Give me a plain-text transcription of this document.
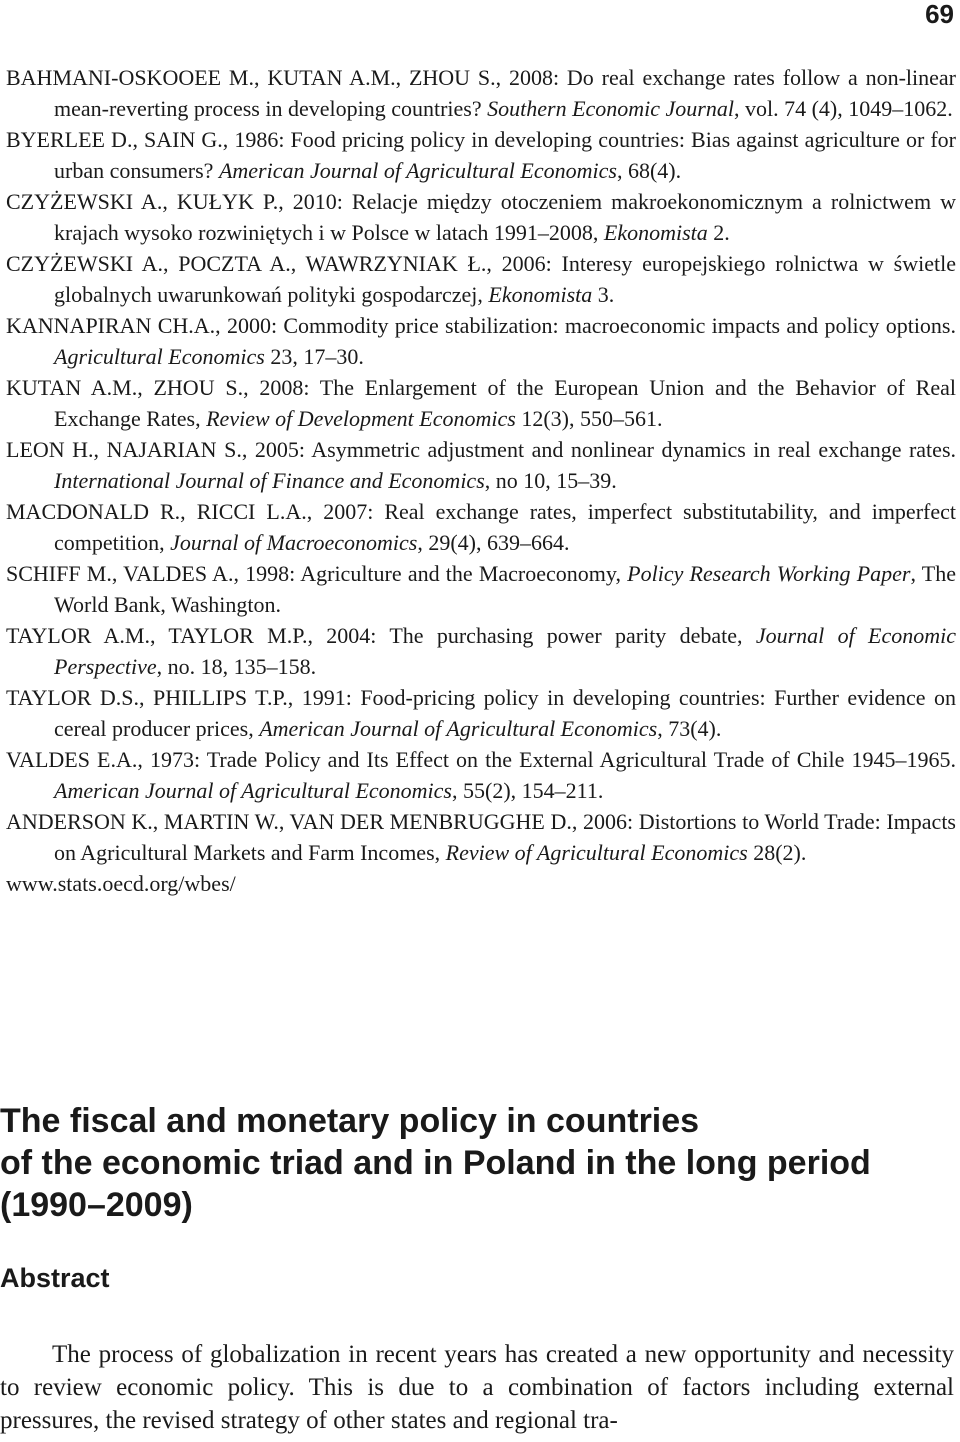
69

BAHMANI-OSKOOEE M., KUTAN A.M., ZHOU S., 2008: Do real exchange rates follow a non-linear mean-reverting process in developing countries? Southern Economic Journal, vol. 74 (4), 1049–1062.

BYERLEE D., SAIN G., 1986: Food pricing policy in developing countries: Bias against agriculture or for urban consumers? American Journal of Agricultural Economics, 68(4).

CZYŻEWSKI A., KUŁYK P., 2010: Relacje między otoczeniem makroekonomicznym a rolnictwem w krajach wysoko rozwiniętych i w Polsce w latach 1991–2008, Ekonomista 2.

CZYŻEWSKI A., POCZTA A., WAWRZYNIAK Ł., 2006: Interesy europejskiego rolnictwa w świetle globalnych uwarunkowań polityki gospodarczej, Ekonomista 3.

KANNAPIRAN CH.A., 2000: Commodity price stabilization: macroeconomic impacts and policy options. Agricultural Economics 23, 17–30.

KUTAN A.M., ZHOU S., 2008: The Enlargement of the European Union and the Behavior of Real Exchange Rates, Review of Development Economics 12(3), 550–561.

LEON H., NAJARIAN S., 2005: Asymmetric adjustment and nonlinear dynamics in real exchange rates. International Journal of Finance and Economics, no 10, 15–39.

MACDONALD R., RICCI L.A., 2007: Real exchange rates, imperfect substitutability, and imperfect competition, Journal of Macroeconomics, 29(4), 639–664.

SCHIFF M., VALDES A., 1998: Agriculture and the Macroeconomy, Policy Research Working Paper, The World Bank, Washington.

TAYLOR A.M., TAYLOR M.P., 2004: The purchasing power parity debate, Journal of Economic Perspective, no. 18, 135–158.

TAYLOR D.S., PHILLIPS T.P., 1991: Food-pricing policy in developing countries: Further evidence on cereal producer prices, American Journal of Agricultural Economics, 73(4).

VALDES E.A., 1973: Trade Policy and Its Effect on the External Agricultural Trade of Chile 1945–1965. American Journal of Agricultural Economics, 55(2), 154–211.

ANDERSON K., MARTIN W., VAN DER MENBRUGGHE D., 2006: Distortions to World Trade: Impacts on Agricultural Markets and Farm Incomes, Review of Agricultural Economics 28(2).

www.stats.oecd.org/wbes/

The fiscal and monetary policy in countries
of the economic triad and in Poland in the long period
(1990–2009)
Abstract

The process of globalization in recent years has created a new opportunity and necessity to review economic policy. This is due to a combination of factors including external pressures, the revised strategy of other states and regional tra-
